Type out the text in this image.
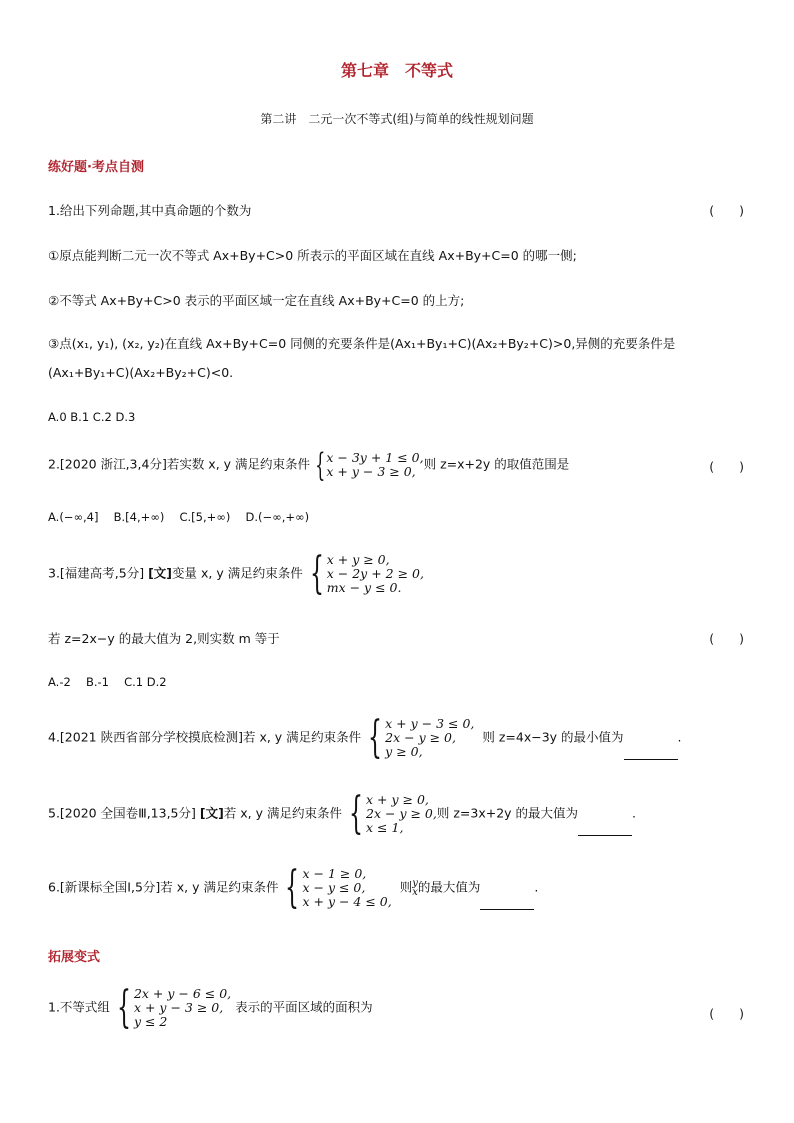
第七章　不等式
第二讲　二元一次不等式(组)与简单的线性规划问题
练好题·考点自测
1.给出下列命题,其中真命题的个数为	(　　)
①原点能判断二元一次不等式 Ax+By+C>0 所表示的平面区域在直线 Ax+By+C=0 的哪一侧;
②不等式 Ax+By+C>0 表示的平面区域一定在直线 Ax+By+C=0 的上方;
③点(x₁, y₁), (x₂, y₂)在直线 Ax+By+C=0 同侧的充要条件是(Ax₁+By₁+C)(Ax₂+By₂+C)>0,异侧的充要条件是
(Ax₁+By₁+C)(Ax₂+By₂+C)<0.
A.0 B.1 C.2 D.3
2.[2020 浙江,3,4分]若实数 x, y 满足约束条件 { x − 3y + 1 ≤ 0,
x + y − 3 ≥ 0, 则 z=x+2y 的取值范围是	(　　)
A.(−∞,4]　 B.[4,+∞)　 C.[5,+∞)　 D.(−∞,+∞)
3.[福建高考,5分] [文]变量 x, y 满足约束条件 { x + y ≥ 0,
x − 2y + 2 ≥ 0,
mx − y ≤ 0.
若 z=2x−y 的最大值为 2,则实数 m 等于	(　　)
A.-2　 B.-1　 C.1 D.2
4.[2021 陕西省部分学校摸底检测]若 x, y 满足约束条件 { x + y − 3 ≤ 0,
2x − y ≥ 0,
y ≥ 0,
则 z=4x−3y 的最小值为	.
5.[2020 全国卷Ⅲ,13,5分] [文]若 x, y 满足约束条件 { x + y ≥ 0,
2x − y ≥ 0,
x ≤ 1,
则 z=3x+2y 的最大值为	.
6.[新课标全国Ⅰ,5分]若 x, y 满足约束条件 { x − 1 ≥ 0,
x − y ≤ 0,
x + y − 4 ≤ 0,
则 y
x 的最大值为	.
拓展变式
1.不等式组 { 2x + y − 6 ≤ 0,
x + y − 3 ≥ 0,
y ≤ 2
表示的平面区域的面积为	(　　)
